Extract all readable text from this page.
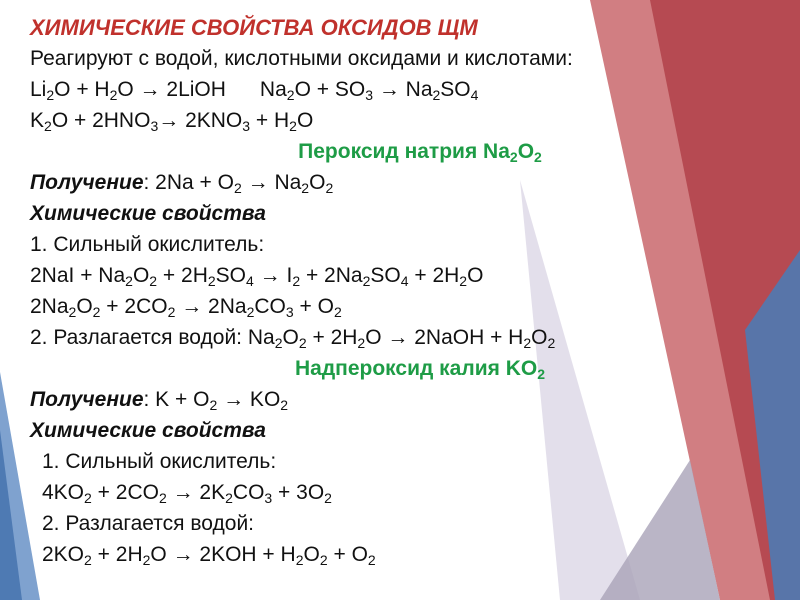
ХИМИЧЕСКИЕ СВОЙСТВА ОКСИДОВ ЩМ
Реагируют с водой, кислотными оксидами и кислотами:
$Li_2O + H_2O$ → 2LiOH $Na_2O + SO_3 \to Na_2SO_4$
$K_2O + 2HNO_3\to 2KNO_3 + H_2O$
Пероксид натрия $Na_2O_2$
Получение: $2Na + O_2 \to Na_2O_2$
Химические свойства
1. Сильный окислитель:
$2NaI + Na_2O_2 + 2H_2SO_4 \to I_2 + 2Na_2SO_4 + 2H_2O$
$2Na_2O_2 + 2CO_2 \to 2Na_2CO_3 + O_2$
2. Разлагается водой: $Na_2O_2 + 2H_2O$ → 2NaOH + $H_2O_2$
Надпероксид калия $KO_2$
Получение: $K + O_2 \to KO_2$
Химические свойства
1. Сильный окислитель:
$4KO_2 + 2CO_2 \to 2K_2CO_3 + 3O_2$
2. Разлагается водой:
$2KO_2 + 2H_2O \to 2KOH + H_2O_2 + O_2$
